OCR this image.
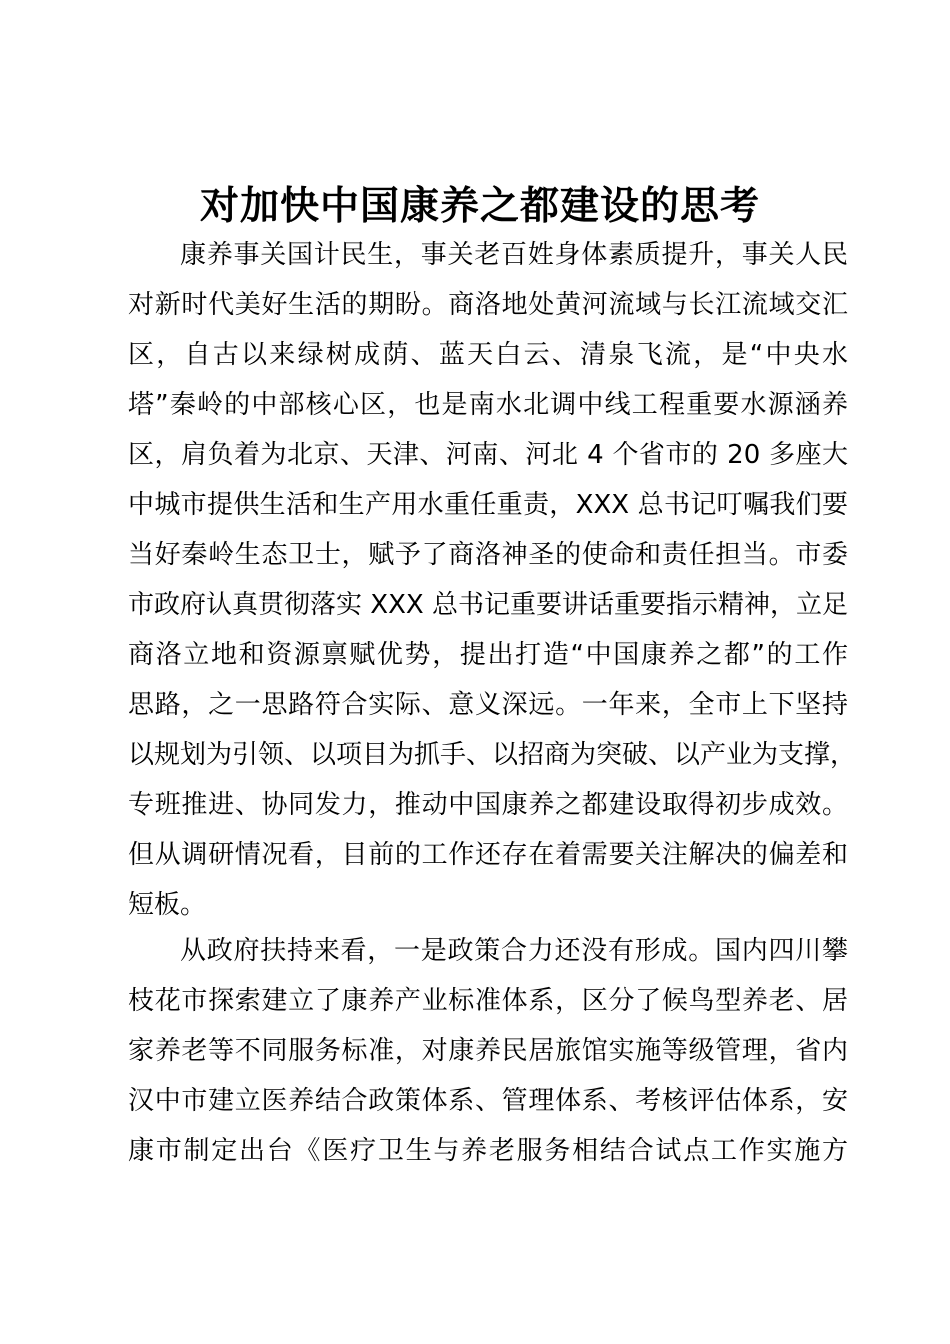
对加快中国康养之都建设的思考
康养事关国计民生，事关老百姓身体素质提升，事关人民
对新时代美好生活的期盼。商洛地处黄河流域与长江流域交汇
区，自古以来绿树成荫、蓝天白云、清泉飞流，是“中央水
塔”秦岭的中部核心区，也是南水北调中线工程重要水源涵养
区，肩负着为北京、天津、河南、河北 4 个省市的 20 多座大
中城市提供生活和生产用水重任重责，XXX 总书记叮嘱我们要
当好秦岭生态卫士，赋予了商洛神圣的使命和责任担当。市委
市政府认真贯彻落实 XXX 总书记重要讲话重要指示精神，立足
商洛立地和资源禀赋优势，提出打造“中国康养之都”的工作
思路，之一思路符合实际、意义深远。一年来，全市上下坚持
以规划为引领、以项目为抓手、以招商为突破、以产业为支撑，
专班推进、协同发力，推动中国康养之都建设取得初步成效。
但从调研情况看，目前的工作还存在着需要关注解决的偏差和
短板。
从政府扶持来看，一是政策合力还没有形成。国内四川攀
枝花市探索建立了康养产业标准体系，区分了候鸟型养老、居
家养老等不同服务标准，对康养民居旅馆实施等级管理，省内
汉中市建立医养结合政策体系、管理体系、考核评估体系，安
康市制定出台《医疗卫生与养老服务相结合试点工作实施方
